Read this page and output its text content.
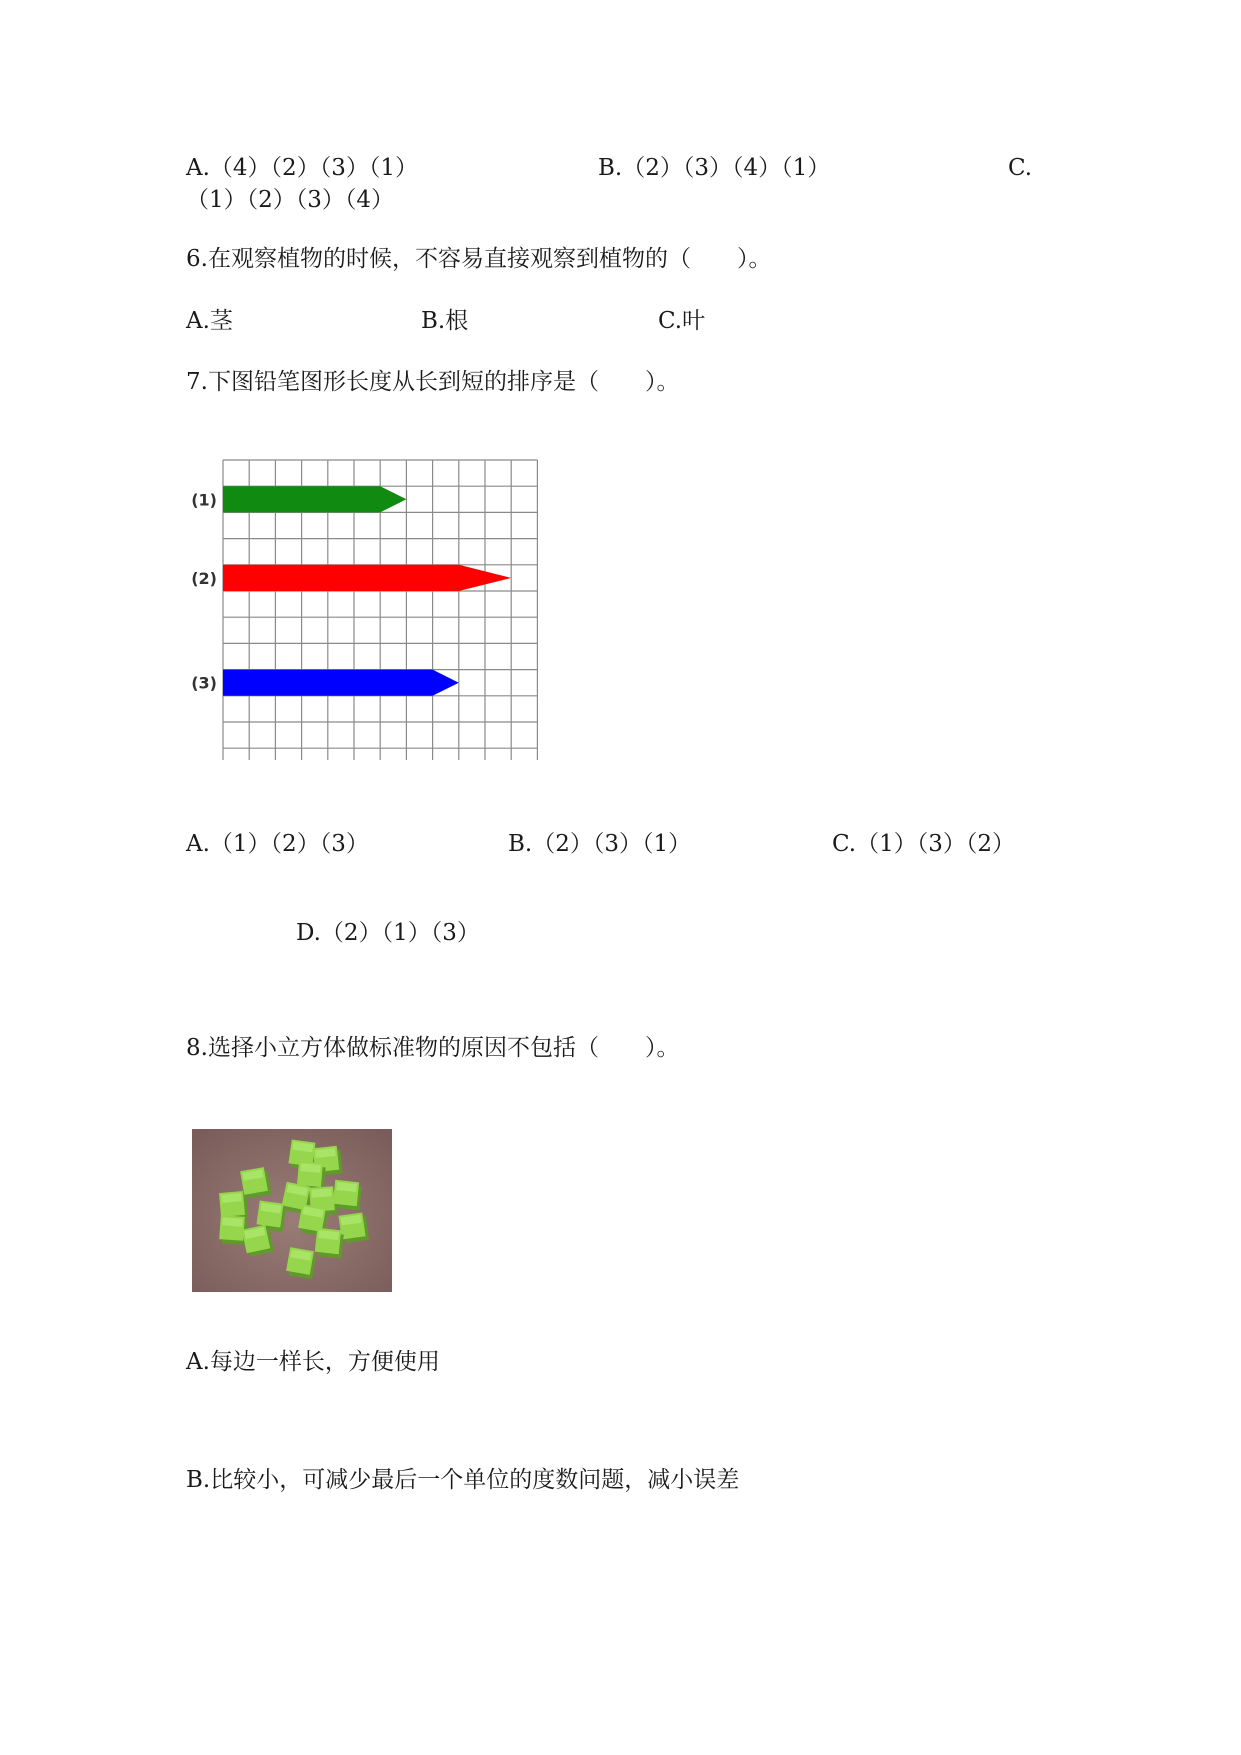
A.（4）（2）（3）（1）	B.（2）（3）（4）（1）	C.

（1）（2）（3）（4）

6.在观察植物的时候，不容易直接观察到植物的（　　）。

A.茎	B.根	C.叶

7.下图铅笔图形长度从长到短的排序是（　　）。

(1)
(2)
(3)

A.（1）（2）（3）	B.（2）（3）（1）	C.（1）（3）（2）

D.（2）（1）（3）

8.选择小立方体做标准物的原因不包括（　　）。

A.每边一样长，方便使用

B.比较小，可减少最后一个单位的度数问题，减小误差
